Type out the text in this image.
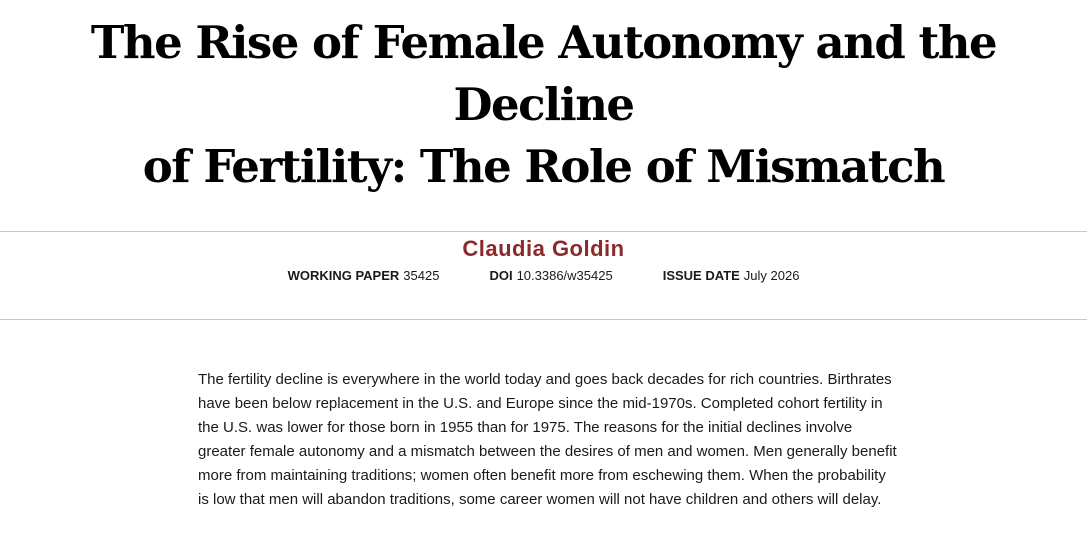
The Rise of Female Autonomy and the Decline
of Fertility: The Role of Mismatch
Claudia Goldin
WORKING PAPER 35425	DOI 10.3386/w35425	ISSUE DATE July 2026

The fertility decline is everywhere in the world today and goes back decades for rich countries. Birthrates have been below replacement in the U.S. and Europe since the mid-1970s. Completed cohort fertility in the U.S. was lower for those born in 1955 than for 1975. The reasons for the initial declines involve greater female autonomy and a mismatch between the desires of men and women. Men generally benefit more from maintaining traditions; women often benefit more from eschewing them. When the probability is low that men will abandon traditions, some career women will not have children and others will delay.
